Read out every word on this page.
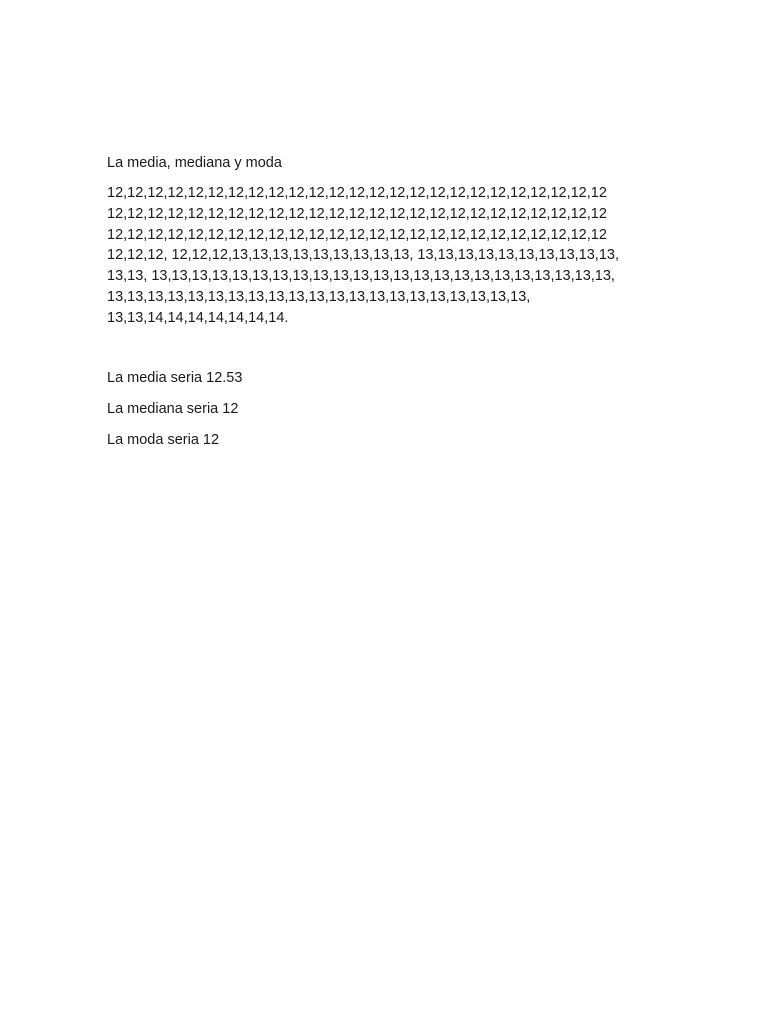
La media, mediana y moda
12,12,12,12,12,12,12,12,12,12,12,12,12,12,12,12,12,12,12,12,12,12,12,12,12
12,12,12,12,12,12,12,12,12,12,12,12,12,12,12,12,12,12,12,12,12,12,12,12,12
12,12,12,12,12,12,12,12,12,12,12,12,12,12,12,12,12,12,12,12,12,12,12,12,12
12,12,12, 12,12,12,13,13,13,13,13,13,13,13,13, 13,13,13,13,13,13,13,13,13,13,
13,13, 13,13,13,13,13,13,13,13,13,13,13,13,13,13,13,13,13,13,13,13,13,13,13,
13,13,13,13,13,13,13,13,13,13,13,13,13,13,13,13,13,13,13,13,13,
13,13,14,14,14,14,14,14,14.
La media seria 12.53
La mediana seria 12
La moda seria 12
